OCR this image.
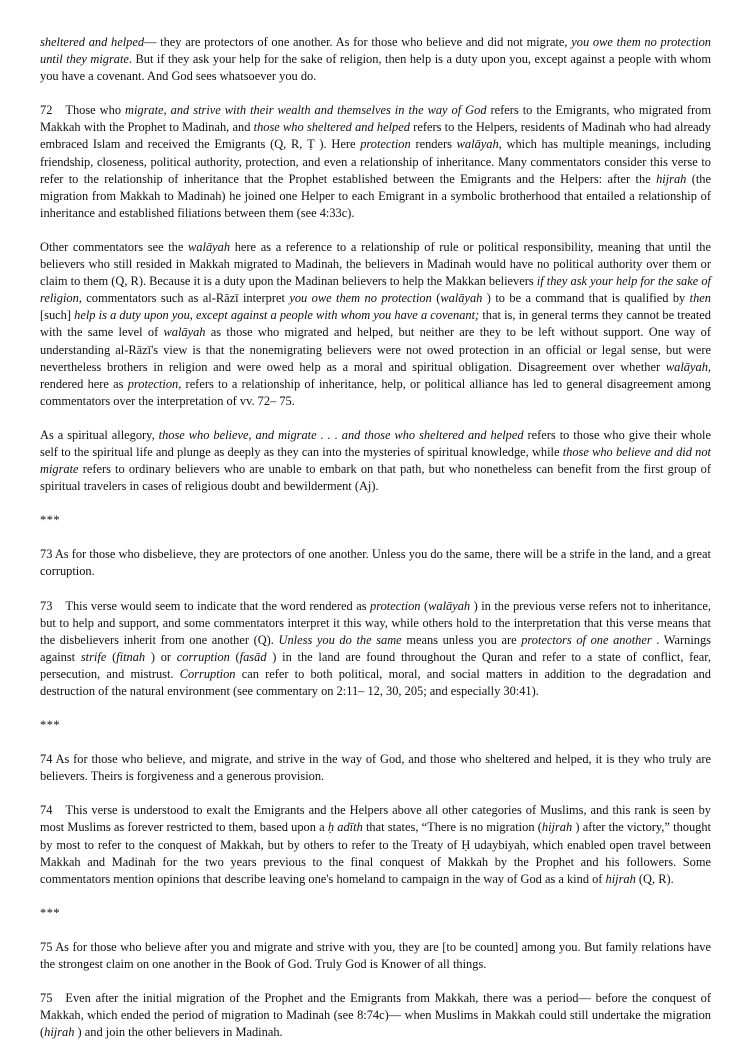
sheltered and helped— they are protectors of one another. As for those who believe and did not migrate, you owe them no protection until they migrate. But if they ask your help for the sake of religion, then help is a duty upon you, except against a people with whom you have a covenant. And God sees whatsoever you do.

72 Those who migrate, and strive with their wealth and themselves in the way of God refers to the Emigrants, who migrated from Makkah with the Prophet to Madinah, and those who sheltered and helped refers to the Helpers, residents of Madinah who had already embraced Islam and received the Emigrants (Q, R, Ṭ ). Here protection renders walāyah, which has multiple meanings, including friendship, closeness, political authority, protection, and even a relationship of inheritance. Many commentators consider this verse to refer to the relationship of inheritance that the Prophet established between the Emigrants and the Helpers: after the hijrah (the migration from Makkah to Madinah) he joined one Helper to each Emigrant in a symbolic brotherhood that entailed a relationship of inheritance and established filiations between them (see 4:33c).

Other commentators see the walāyah here as a reference to a relationship of rule or political responsibility, meaning that until the believers who still resided in Makkah migrated to Madinah, the believers in Madinah would have no political authority over them or claim to them (Q, R). Because it is a duty upon the Madinan believers to help the Makkan believers if they ask your help for the sake of religion, commentators such as al-Rāzī interpret you owe them no protection (walāyah ) to be a command that is qualified by then [such] help is a duty upon you, except against a people with whom you have a covenant; that is, in general terms they cannot be treated with the same level of walāyah as those who migrated and helped, but neither are they to be left without support. One way of understanding al-Rāzī's view is that the nonemigrating believers were not owed protection in an official or legal sense, but were nevertheless brothers in religion and were owed help as a moral and spiritual obligation. Disagreement over whether walāyah, rendered here as protection, refers to a relationship of inheritance, help, or political alliance has led to general disagreement among commentators over the interpretation of vv. 72– 75.

As a spiritual allegory, those who believe, and migrate . . . and those who sheltered and helped refers to those who give their whole self to the spiritual life and plunge as deeply as they can into the mysteries of spiritual knowledge, while those who believe and did not migrate refers to ordinary believers who are unable to embark on that path, but who nonetheless can benefit from the first group of spiritual travelers in cases of religious doubt and bewilderment (Aj).

***

73 As for those who disbelieve, they are protectors of one another. Unless you do the same, there will be a strife in the land, and a great corruption.

73 This verse would seem to indicate that the word rendered as protection (walāyah ) in the previous verse refers not to inheritance, but to help and support, and some commentators interpret it this way, while others hold to the interpretation that this verse means that the disbelievers inherit from one another (Q). Unless you do the same means unless you are protectors of one another . Warnings against strife (fitnah ) or corruption (fasād ) in the land are found throughout the Quran and refer to a state of conflict, fear, persecution, and mistrust. Corruption can refer to both political, moral, and social matters in addition to the degradation and destruction of the natural environment (see commentary on 2:11– 12, 30, 205; and especially 30:41).

***

74 As for those who believe, and migrate, and strive in the way of God, and those who sheltered and helped, it is they who truly are believers. Theirs is forgiveness and a generous provision.

74 This verse is understood to exalt the Emigrants and the Helpers above all other categories of Muslims, and this rank is seen by most Muslims as forever restricted to them, based upon a ḥ adīth that states, “There is no migration (hijrah ) after the victory,” thought by most to refer to the conquest of Makkah, but by others to refer to the Treaty of Ḥ udaybiyah, which enabled open travel between Makkah and Madinah for the two years previous to the final conquest of Makkah by the Prophet and his followers. Some commentators mention opinions that describe leaving one's homeland to campaign in the way of God as a kind of hijrah (Q, R).

***

75 As for those who believe after you and migrate and strive with you, they are [to be counted] among you. But family relations have the strongest claim on one another in the Book of God. Truly God is Knower of all things.

75 Even after the initial migration of the Prophet and the Emigrants from Makkah, there was a period— before the conquest of Makkah, which ended the period of migration to Madinah (see 8:74c)— when Muslims in Makkah could still undertake the migration (hijrah ) and join the other believers in Madinah.
